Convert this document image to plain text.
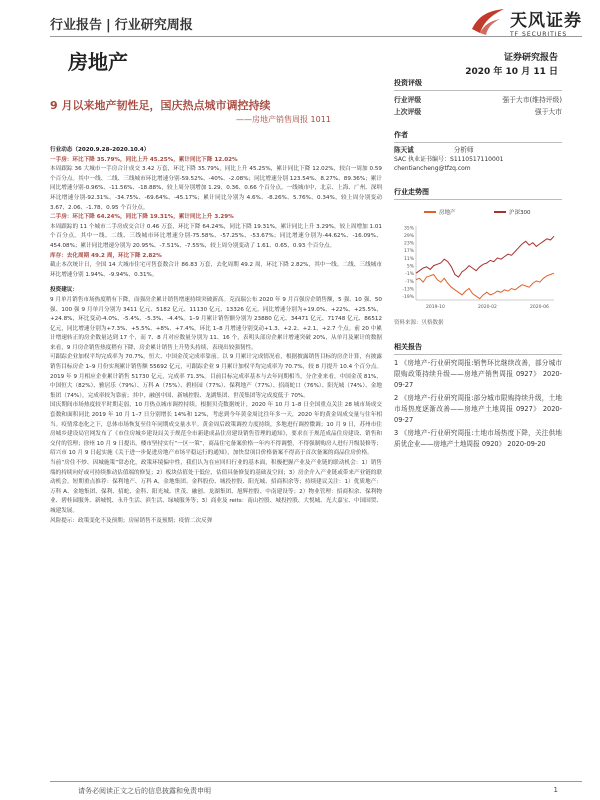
行业报告 | 行业研究周报	天风证券
TF SECURITIES
房地产	证券研究报告
2020 年 10 月 11 日
9 月以来地产韧性足，国庆热点城市调控持续
——房地产销售周报 1011

行业动态（2020.9.28–2020.10.4）

一手房：环比下降 35.79%，同比上升 45.25%，累计同比下降 12.02%

本周跟踪 36 大城市一手房合计成交 3.42 万套，环比下降 35.79%，同比上升 45.25%，累计同比下降 12.02%，较白一周加 0.59 个百分点。其中一线、二线、三线城市环比增速分别-59.52%、-40%、-2.08%；同比增速分别 123.54%、8.27%、89.36%；累计同比增速分别-0.96%、-11.56%、-18.88%，较上周分别增加 1.29、0.36、0.66 个百分点。一线城市中，北京、上海、广州、深圳环比增速分别-92.31%、-34.75%、-69.64%、-45.17%；累计同比分别为 4.6%、-8.26%、5.76%、0.34%，较上周分别变动 3.67、2.06、-1.78、0.95 个百分点。

二手房：环比下降 64.24%，同比下降 19.31%，累计同比上升 3.29%

本周跟踪的 11 个城市二手房成交合计 0.46 万套，环比下降 64.24%，同比下降 19.31%，累计同比上升 3.29%，较上周增加 1.01 个百分点。其中一线、二线、三线城市环比增速分别-75.58%、-57.25%、-53.67%；同比增速分别为-44.62%、-16.09%、454.08%；累计同比增速分别为 20.95%、-7.51%、-7.55%，较上周分别变动了 1.61、0.65、0.93 个百分点。

库存：去化周期 49.2 周，环比下降 2.82%

截止本次统计日，全国 14 大城市住宅可售套数合计 86.83 万套，去化周期 49.2 周，环比下降 2.82%，其中一线、二线、三线城市环比增速分别 1.94%、-9.94%、0.31%。

投资建议：

9 月单月销售市场热度稍有下降，而强房企累计销售增速持续突破新高。克而瑞公布 2020 年 9 月百强房企销售额，5 强、10 强、50 强、100 强 9 月单月分别为 3411 亿元、5182 亿元、11130 亿元、13326 亿元，同比增速分别为+19.0%、+22%、+25.5%、+24.8%，环比变动-4.0%、-5.4%、-5.3%、-4.4%。1–9 月累计销售额分别为 23880 亿元、34471 亿元、71748 亿元、86512 亿元，同比增速分别为+7.3%、+5.5%、+8%、+7.4%，环比 1–8 月增速分别变动+1.3、+2.2、+2.1、+2.7 个点。前 20 中累计增速转正的房企数量达到 17 个，而 7、8 月对应数量分别为 11、16 个，表明头部房企累计增速突破 20%，从单月及累计的数据来看，9 月房企销售热度稍有下降，房企累计销售上升势头持续，表现出较强韧性。

可跟踪企业加权平均完成率为 70.7%，恒大、中国金茂完成率靠前。以 9 月累计完成情况看，根据披露销售目标的房企计算，有披露销售目标房企 1–9 月份实现累计销售额 55692 亿元，可跟踪企业 9 月累计加权平均完成率为 70.7%，较 8 月提升 10.4 个百分点。2019 年 9 月相应企业累计销售 51730 亿元，完成率 71.3%。目前目标完成率基本与去年同期相当，分企业来看，中国金茂 81%，中国恒大（82%）、雅居乐（79%）、万科 A（75%）、碧桂园（77%）、保利地产（77%）、招商蛇口（76%）、阳光城（74%）、金地集团（74%），完成率较为靠前；其中，融创中国、新城控股、龙湖集团、世茂集团等完成度低于 70%。

国庆期间市场热度较平时期走弱，10 月热点城市调控持续。根据贝壳数据统计，2020 年 10 月 1–8 日全国重点关注 28 城市场成交套数和面积同比 2019 年 10 月 1–7 日分别增长 14%和 12%，考虑到今年黄金周比往年多一天，2020 年的黄金周成交量与往年相当。疫情常态化之下，总体市场恢复至往年同期成交量水平。黄金周后政策调控力度持续，多地进行调控微调；10 月 9 日，苏州市住房城乡建设局官网发布了《市住房城乡建设局关于规范全市新建成品住房建设销售管理的通知》，要求在于规范成品住房建设、销售和交付的管理；徐州 10 月 9 日提出，楼市坚持实行“一区一策”，商品住宅备案价格一年内不得调整，不得强制购房人进行升级装修等；绍兴市 10 月 9 日起实施《关于进一步促进房地产市场平稳运行的通知》，加快盘项目价格备案不得高于首次备案的商品住房价格。

当前“房住不炒、因城施策”常态化，政策环境偏中性，我们认为在应回归行业的基本面，积极把握产业及产业链的联动机会：1）销售端的持续向好或可持续推动估值端的修复；2）板块估值处于低位，估值具备修复的基础及空间；3）房企介入产业链或带来产业链的联动机会。短期重点推荐：保利地产、万科 A、金地集团、金科股份、城投控股、阳光城、招商积余等；持续建议关注：1）优质地产：万科 A、金地集团、保利、招蛇、金科、阳光城、世茂、融创、龙湖集团、旭辉控股、中南建设等；2）物业管理：招商积余、保利物业、碧桂园服务、新城悦、永升生活、滨生活、绿城服务等；3）商业及 reits：南山控股、城投控股、大悦城、光大嘉宝、中国国贸、城建发展。

风险提示：政策变化不及预期；房屋销售不及预期；疫情二次反弹

投资评级
行业评级	强于大市(维持评级)
上次评级	强于大市
作者
陈天诚	分析师
SAC 执业证书编号：S1110517110001
chentiancheng@tfzq.com
行业走势图
房地产	沪深300
35%
29%
23%
17%
11%
5%
-1%
-7%
-13%
-19%
2019-10	2020-02	2020-06
资料来源：贝格数据
相关报告
1 《房地产-行业研究周报:销售环比继续改善，部分城市限购政策持续升级——房地产销售周报 0927》 2020-09-27
2 《房地产-行业研究周报:部分城市限购持续升级，土地市场热度逐渐改善——房地产土地周报 0927》 2020-09-27
3 《房地产-行业研究周报:土地市场热度下降，关注供地质优企业——房地产土地周报 0920》 2020-09-20
请务必阅读正文之后的信息披露和免责申明	1
